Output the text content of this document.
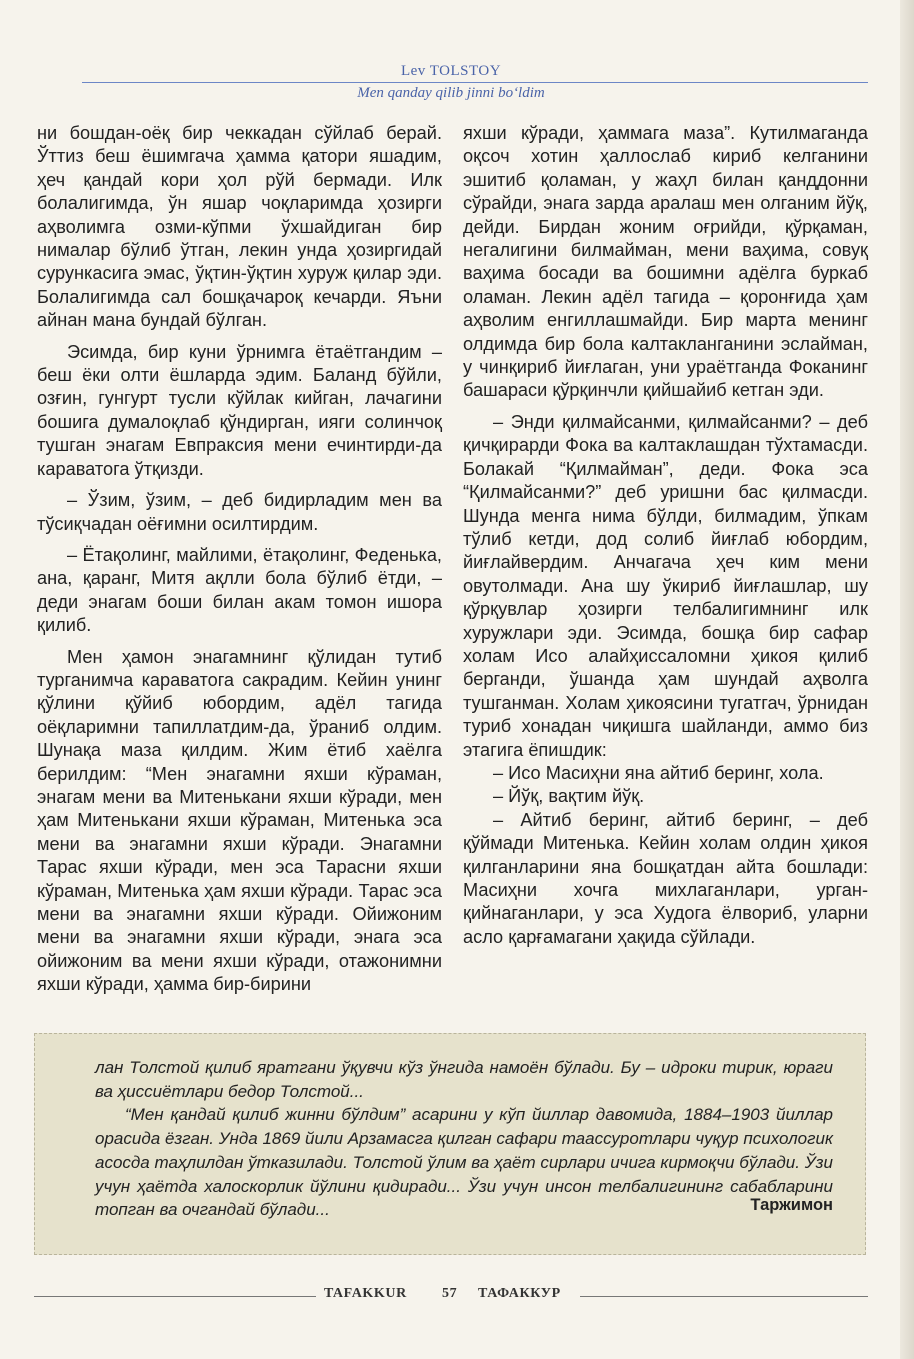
Lev TOLSTOY
Men qanday qilib jinni bo‘ldim

ни бошдан-оёқ бир чеккадан сўйлаб берай. Ўттиз беш ёшимгача ҳамма қатори яшадим, ҳеч қандай кори ҳол рўй бермади. Илк болалигимда, ўн яшар чоқларимда ҳозирги аҳволимга озми-кўпми ўхшайдиган бир нималар бўлиб ўтган, лекин унда ҳозиргидай сурункасига эмас, ўқтин-ўқтин хуруж қилар эди. Болалигимда сал бошқачароқ кечарди. Яъни айнан мана бундай бўлган.

Эсимда, бир куни ўрнимга ётаётгандим – беш ёки олти ёшларда эдим. Баланд бўйли, озғин, гунгурт тусли кўйлак кийган, лачагини бошига думалоқлаб қўндирган, ияги солинчоқ тушган энагам Евпраксия мени ечинтирди-да караватога ўтқизди.

– Ўзим, ўзим, – деб бидирладим мен ва тўсиқчадан оёғимни осилтирдим.

– Ётақолинг, майлими, ётақолинг, Феденька, ана, қаранг, Митя ақлли бола бўлиб ётди, – деди энагам боши билан акам томон ишора қилиб.

Мен ҳамон энагамнинг қўлидан тутиб турганимча караватога сакрадим. Кейин унинг қўлини қўйиб юбордим, адёл тагида оёқларимни тапиллатдим-да, ўраниб олдим. Шунақа маза қилдим. Жим ётиб хаёлга берилдим: “Мен энагамни яхши кўраман, энагам мени ва Митенькани яхши кўради, мен ҳам Митенькани яхши кўраман, Митенька эса мени ва энагамни яхши кўради. Энагамни Тарас яхши кўради, мен эса Тарасни яхши кўраман, Митенька ҳам яхши кўради. Тарас эса мени ва энагамни яхши кўради. Ойижоним мени ва энагамни яхши кўради, энага эса ойижоним ва мени яхши кўради, отажонимни яхши кўради, ҳамма бир-бирини

яхши кўради, ҳаммага маза”. Кутилмаганда оқсоч хотин ҳаллослаб кириб келганини эшитиб қоламан, у жаҳл билан қанддонни сўрайди, энага зарда аралаш мен олганим йўқ, дейди. Бирдан жоним оғрийди, қўрқаман, негалигини билмайман, мени ваҳима, совуқ ваҳима босади ва бошимни адёлга буркаб оламан. Лекин адёл тагида – қоронғида ҳам аҳволим енгиллашмайди. Бир марта менинг олдимда бир бола калтакланганини эслайман, у чинқириб йиғлаган, уни ураётганда Фоканинг башараси қўрқинчли қийшайиб кетган эди.

– Энди қилмайсанми, қилмайсанми? – деб қичқирарди Фока ва калтаклашдан тўхтамасди. Болакай “Қилмайман”, деди. Фока эса “Қилмайсанми?” деб уришни бас қилмасди. Шунда менга нима бўлди, билмадим, ўпкам тўлиб кетди, дод солиб йиғлаб юбордим, йиғлайвердим. Анчагача ҳеч ким мени овутолмади. Ана шу ўкириб йиғлашлар, шу қўрқувлар ҳозирги телбалигимнинг илк хуружлари эди. Эсимда, бошқа бир сафар холам Исо алайҳиссаломни ҳикоя қилиб берганди, ўшанда ҳам шундай аҳволга тушганман. Холам ҳикоясини тугатгач, ўрнидан туриб хонадан чиқишга шайланди, аммо биз этагига ёпишдик:

– Исо Масиҳни яна айтиб беринг, хола.

– Йўқ, вақтим йўқ.

– Айтиб беринг, айтиб беринг, – деб қўймади Митенька. Кейин холам олдин ҳикоя қилганларини яна бошқатдан айта бошлади: Масиҳни хочга михлаганлари, урган-қийнаганлари, у эса Худога ёлвориб, уларни асло қарғамагани ҳақида сўйлади.

лан Толстой қилиб яратгани ўқувчи кўз ўнгида намоён бўлади. Бу – идроки тирик, юраги ва ҳиссиётлари бедор Толстой...

“Мен қандай қилиб жинни бўлдим” асарини у кўп йиллар давомида, 1884–1903 йиллар орасида ёзган. Унда 1869 йили Арзамасга қилган сафари таассуротлари чуқур психологик асосда таҳлилдан ўтказилади. Толстой ўлим ва ҳаёт сирлари ичига кирмоқчи бўлади. Ўзи учун ҳаётда халоскорлик йўлини қидиради... Ўзи учун инсон телбалигининг сабабларини топган ва очгандай бўлади...	Таржимон
TAFAKKUR	57 ТАФАККУР
